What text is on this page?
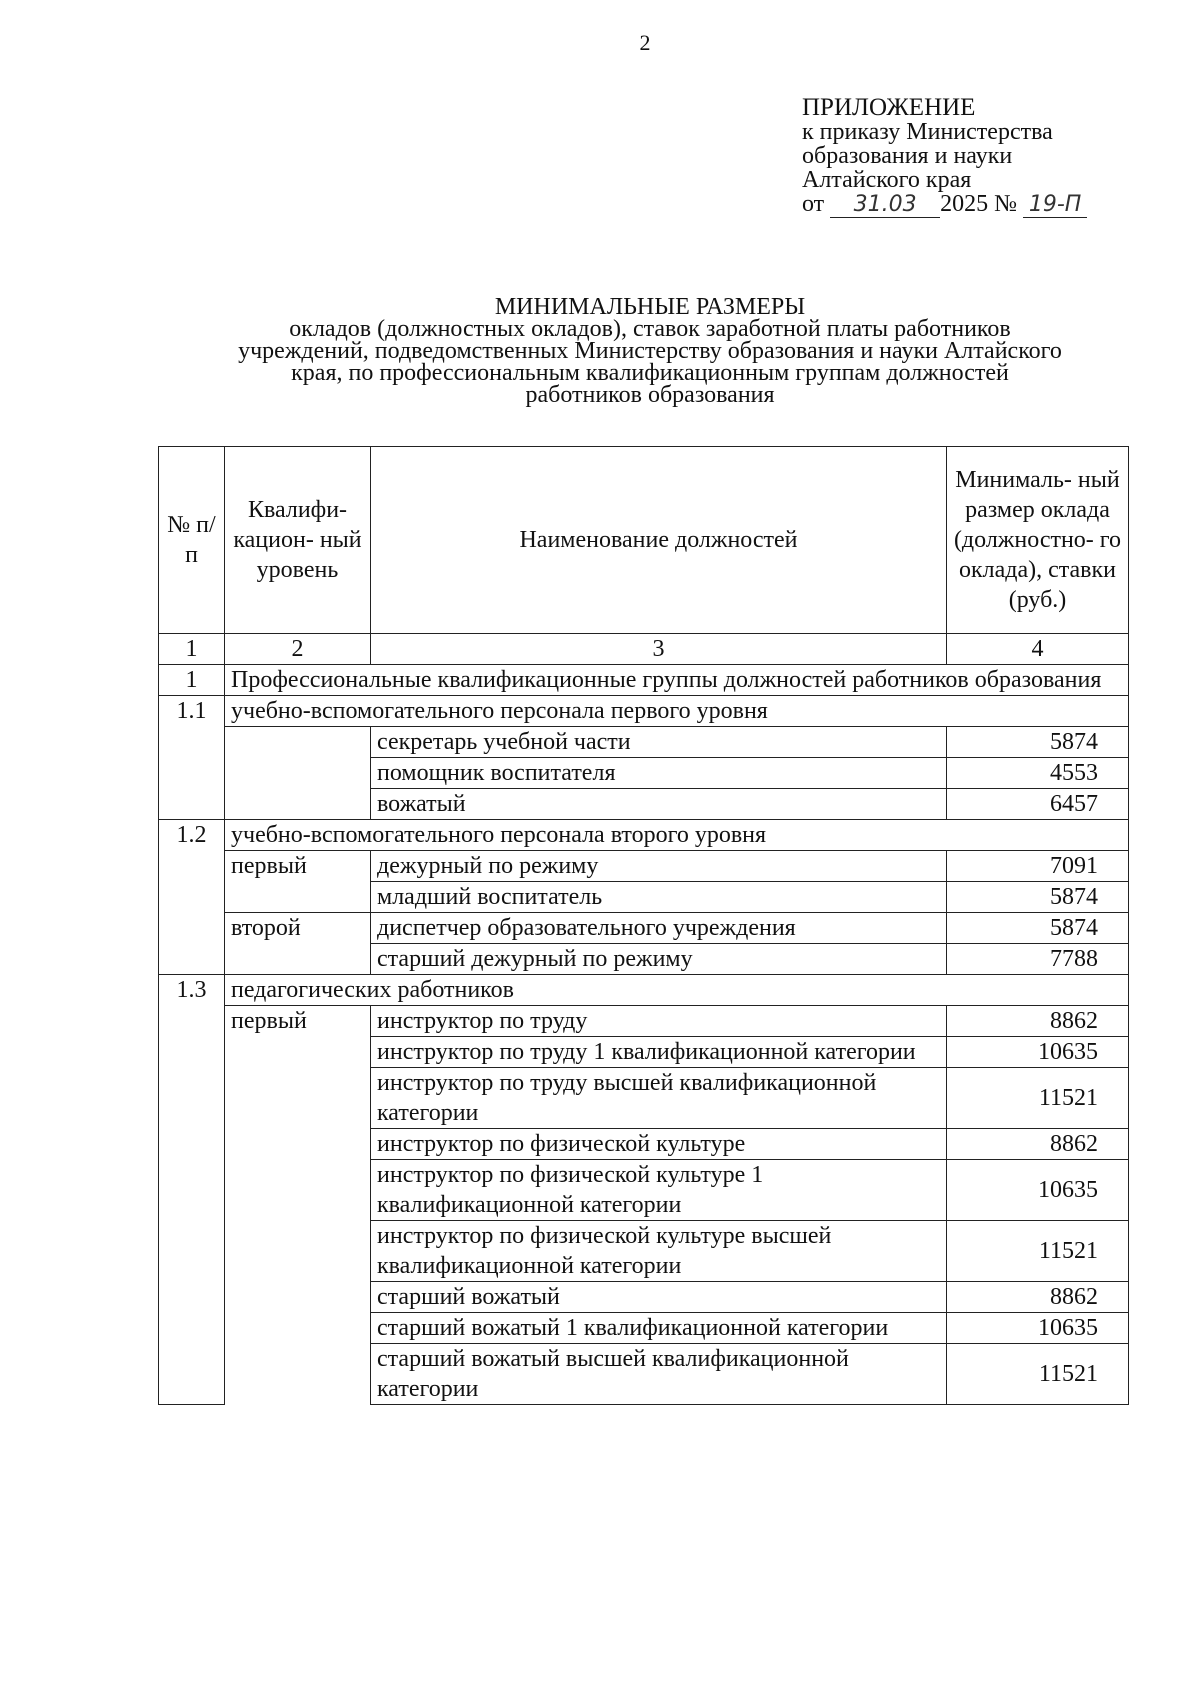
2
ПРИЛОЖЕНИЕ
к приказу Министерства
образования и науки
Алтайского края
от 31.03 2025 № 19-П
МИНИМАЛЬНЫЕ РАЗМЕРЫ
окладов (должностных окладов), ставок заработной платы работников
учреждений, подведомственных Министерству образования и науки Алтайского
края, по профессиональным квалификационным группам должностей
работников образования
№ п/п	Квалифи- кацион- ный уровень	Наименование должностей	Минималь- ный размер оклада (должностно- го оклада), ставки (руб.)
1	2	3	4
1	Профессиональные квалификационные группы должностей работников образования		
1.1	учебно-вспомогательного персонала первого уровня		
		секретарь учебной части	5874
		помощник воспитателя	4553
		вожатый	6457
1.2	учебно-вспомогательного персонала второго уровня		
	первый	дежурный по режиму	7091
		младший воспитатель	5874
	второй	диспетчер образовательного учреждения	5874
		старший дежурный по режиму	7788
1.3	педагогических работников		
	первый	инструктор по труду	8862
		инструктор по труду 1 квалификационной категории	10635
		инструктор по труду высшей квалификационной категории	11521
		инструктор по физической культуре	8862
		инструктор по физической культуре 1 квалификационной категории	10635
		инструктор по физической культуре высшей квалификационной категории	11521
		старший вожатый	8862
		старший вожатый 1 квалификационной категории	10635
		старший вожатый высшей квалификационной категории	11521
